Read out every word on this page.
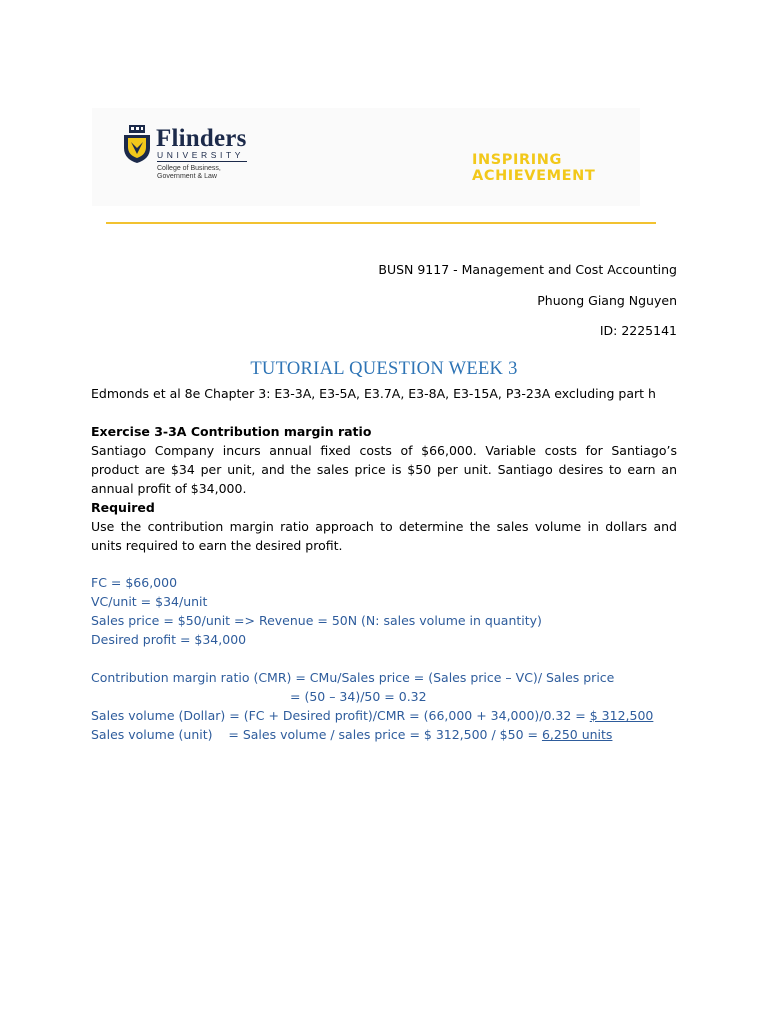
Flinders
UNIVERSITY
College of Business,
Government & Law
INSPIRING
ACHIEVEMENT
BUSN 9117 - Management and Cost Accounting
Phuong Giang Nguyen
ID: 2225141
TUTORIAL QUESTION WEEK 3
Edmonds et al 8e Chapter 3: E3-3A, E3-5A, E3.7A, E3-8A, E3-15A, P3-23A excluding part h
Exercise 3-3A Contribution margin ratio
Santiago Company incurs annual fixed costs of $66,000. Variable costs for Santiago’s product are $34 per unit, and the sales price is $50 per unit. Santiago desires to earn an annual profit of $34,000.
Required
Use the contribution margin ratio approach to determine the sales volume in dollars and units required to earn the desired profit.
FC = $66,000
VC/unit = $34/unit
Sales price = $50/unit => Revenue = 50N (N: sales volume in quantity)
Desired profit = $34,000
Contribution margin ratio (CMR) = CMu/Sales price = (Sales price – VC)/ Sales price
= (50 – 34)/50 = 0.32
Sales volume (Dollar) = (FC + Desired profit)/CMR = (66,000 + 34,000)/0.32 = $ 312,500
Sales volume (unit)    = Sales volume / sales price = $ 312,500 / $50 = 6,250 units
